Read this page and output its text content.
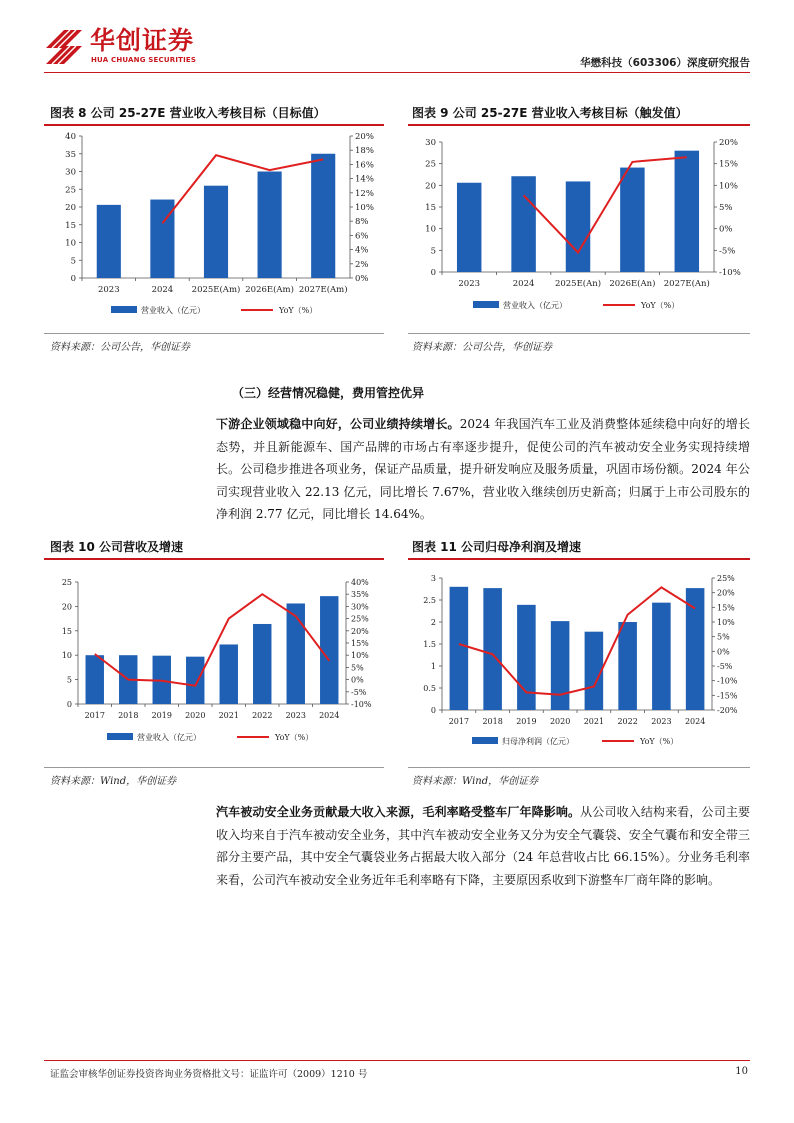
华创证券
HUA CHUANG SECURITIES	华懋科技（603306）深度研究报告
图表 8 公司 25-27E 营业收入考核目标（目标值）
0
5
10
15
20
25
30
35
40
0%
2%
4%
6%
8%
10%
12%
14%
16%
18%
20%
2023	2024 2025E(Am) 2026E(Am) 2027E(Am)
营业收入（亿元）	YoY（%）
资料来源：公司公告，华创证券
图表 9 公司 25-27E 营业收入考核目标（触发值）
0
5
10
15
20
25
30
-10%
-5%
0%
5%
10%
15%
20%
2023	2024 2025E(An) 2026E(An) 2027E(An)
营业收入（亿元）	YoY（%）
资料来源：公司公告，华创证券
（三）经营情况稳健，费用管控优异
下游企业领域稳中向好，公司业绩持续增长。2024 年我国汽车工业及消费整体延续稳中向好的增长态势，并且新能源车、国产品牌的市场占有率逐步提升，促使公司的汽车被动安全业务实现持续增长。公司稳步推进各项业务，保证产品质量，提升研发响应及服务质量，巩固市场份额。2024 年公司实现营业收入 22.13 亿元，同比增长 7.67%，营业收入继续创历史新高；归属于上市公司股东的净利润 2.77 亿元，同比增长 14.64%。
图表 10 公司营收及增速
0
5
10
15
20
25
-10%
-5%
0%
5%
10%
15%
20%
25%
30%
35%
40%
2017 2018 2019 2020 2021 2022 2023 2024
营业收入（亿元）	YoY（%）
资料来源：Wind，华创证券
图表 11 公司归母净利润及增速
0
0.5
1
1.5
2
2.5
3
-20%
-15%
-10%
-5%
0%
5%
10%
15%
20%
25%
2017 2018 2019 2020 2021 2022 2023 2024
归母净利润（亿元）	YoY（%）
资料来源：Wind，华创证券
汽车被动安全业务贡献最大收入来源，毛利率略受整车厂年降影响。从公司收入结构来看，公司主要收入均来自于汽车被动安全业务，其中汽车被动安全业务又分为安全气囊袋、安全气囊布和安全带三部分主要产品，其中安全气囊袋业务占据最大收入部分（24 年总营收占比 66.15%）。分业务毛利率来看，公司汽车被动安全业务近年毛利率略有下降，主要原因系收到下游整车厂商年降的影响。
证监会审核华创证券投资咨询业务资格批文号：证监许可（2009）1210 号	10
